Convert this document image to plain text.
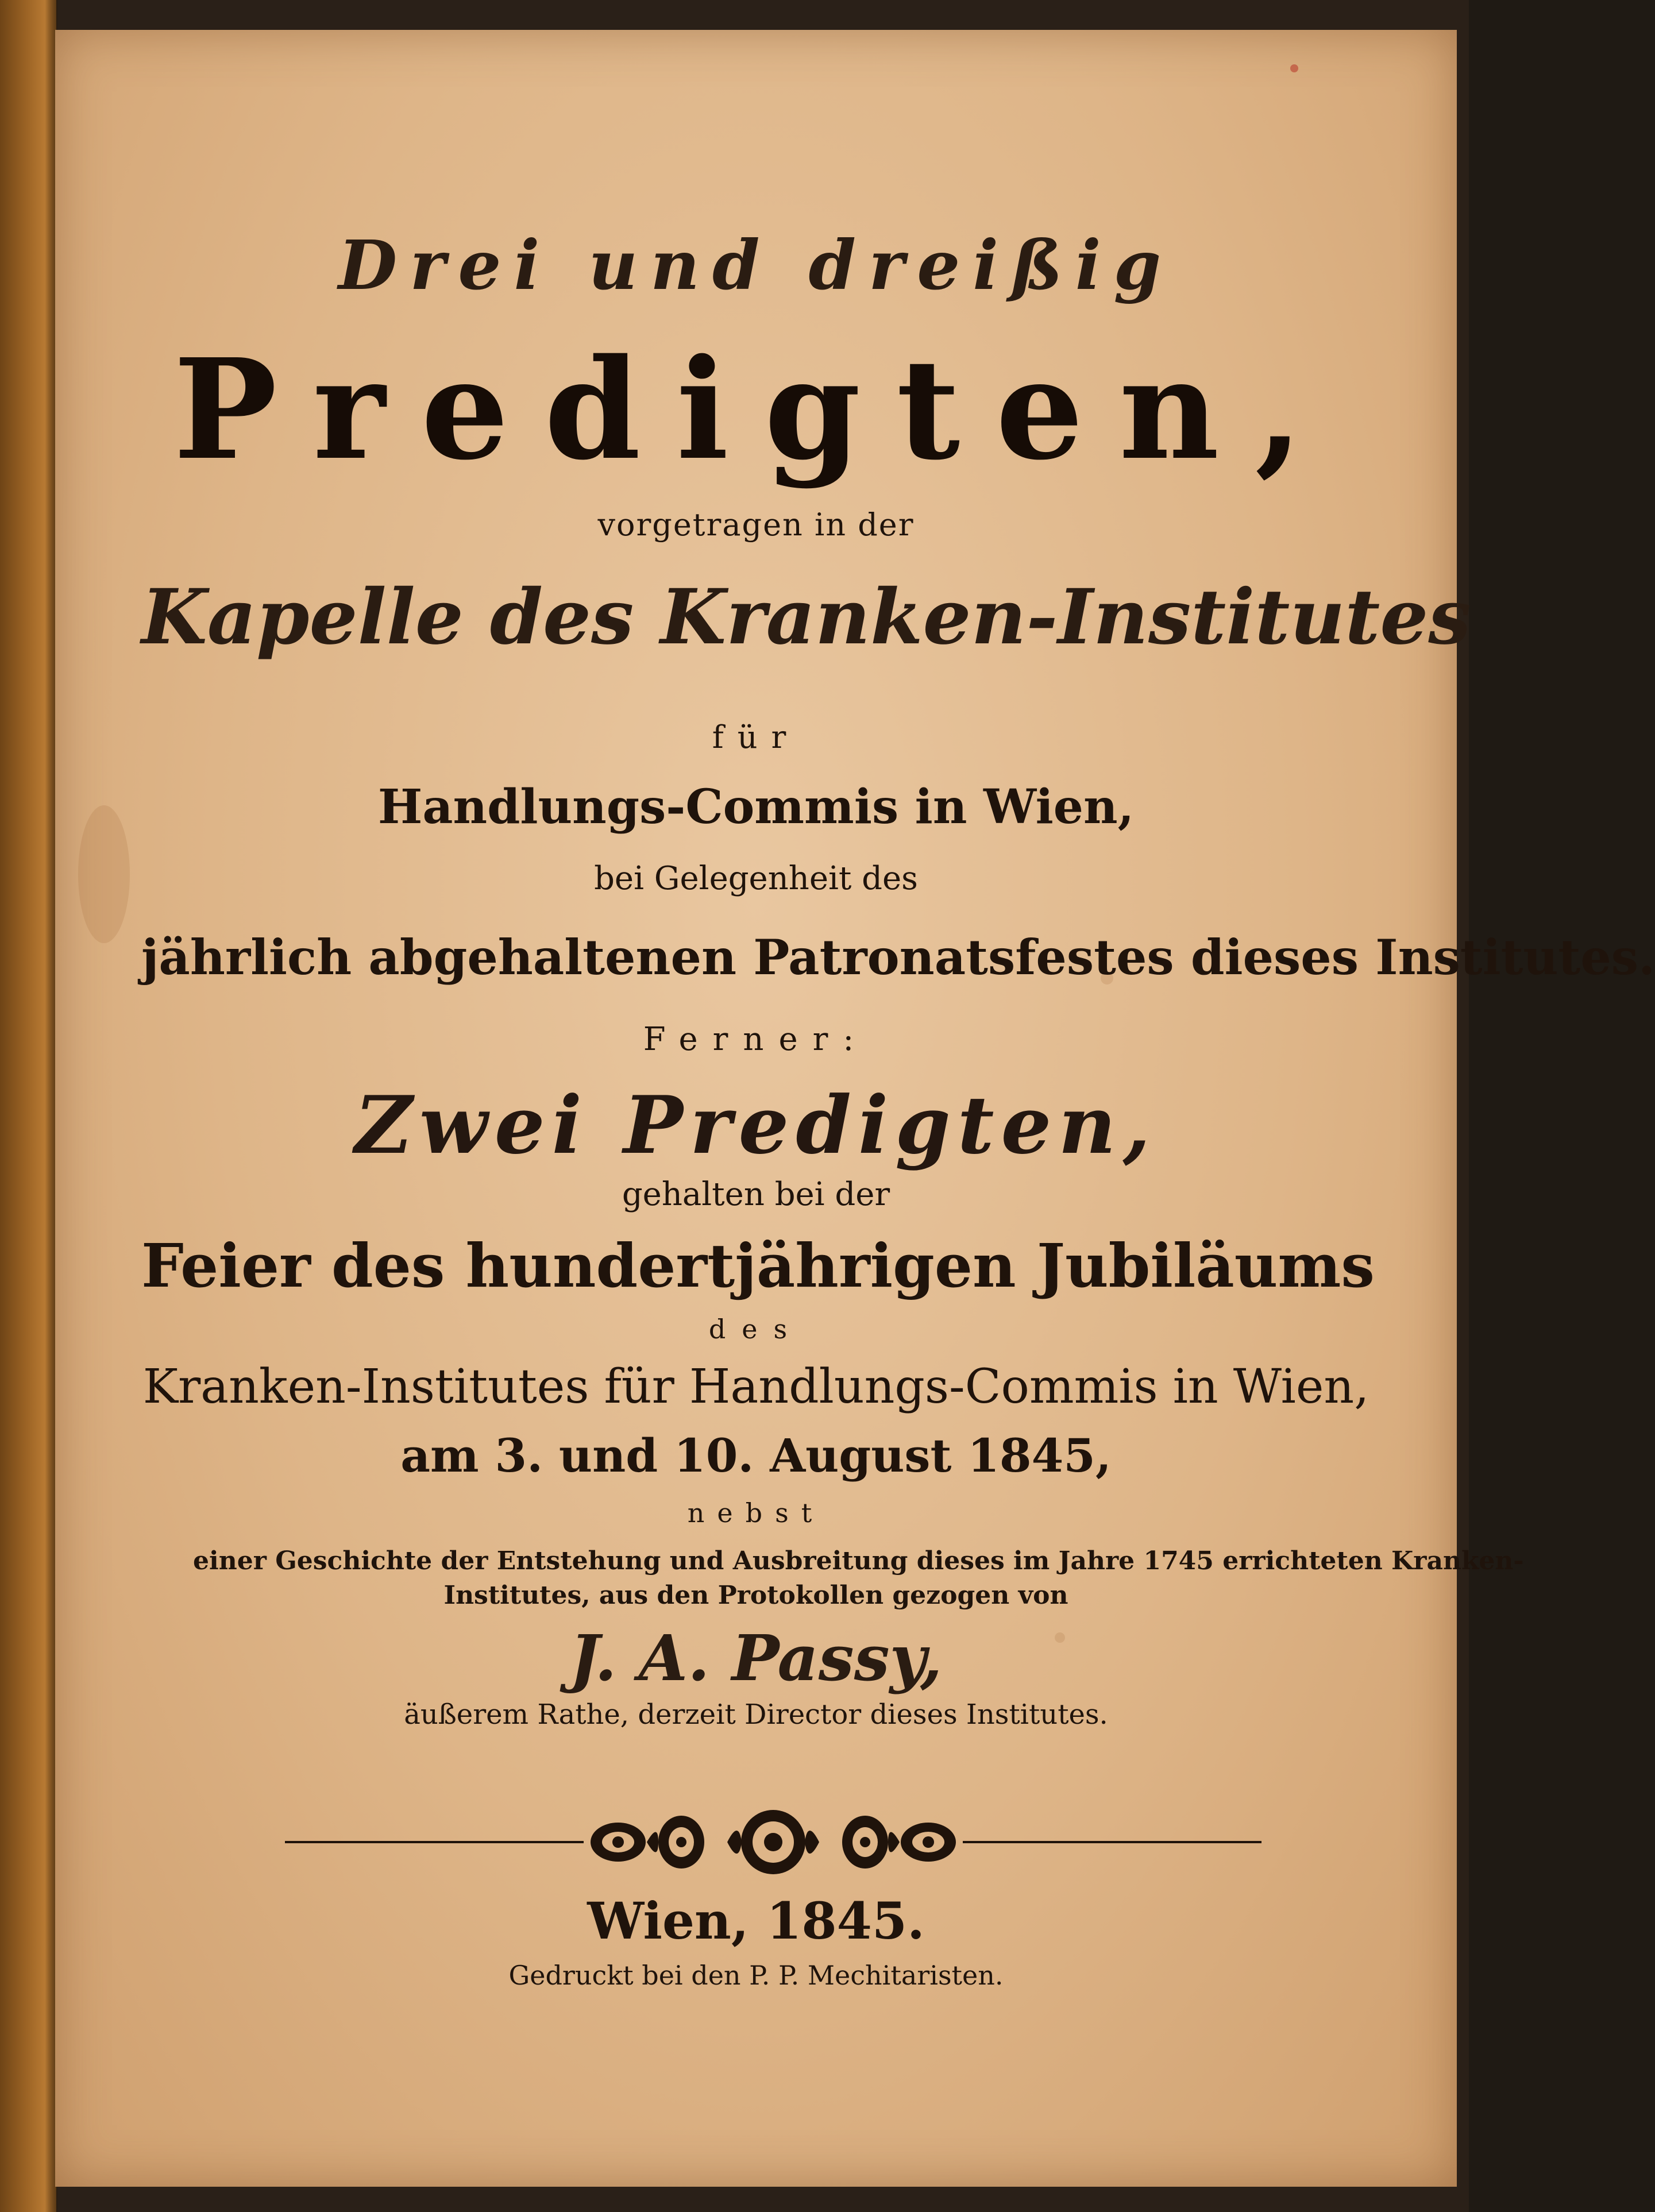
Drei und dreißig
Predigten,
vorgetragen in der
Kapelle des Kranken-Institutes
für
Handlungs-Commis in Wien,
bei Gelegenheit des
jährlich abgehaltenen Patronatsfestes dieses Institutes.
Ferner:
Zwei Predigten,
gehalten bei der
Feier des hundertjährigen Jubiläums
des
Kranken-Institutes für Handlungs-Commis in Wien,
am 3. und 10. August 1845,
nebst
einer Geschichte der Entstehung und Ausbreitung dieses im Jahre 1745 errichteten Kranken-
Institutes, aus den Protokollen gezogen von
J. A. Passy,
äußerem Rathe, derzeit Director dieses Institutes.
Wien, 1845.
Gedruckt bei den P. P. Mechitaristen.
